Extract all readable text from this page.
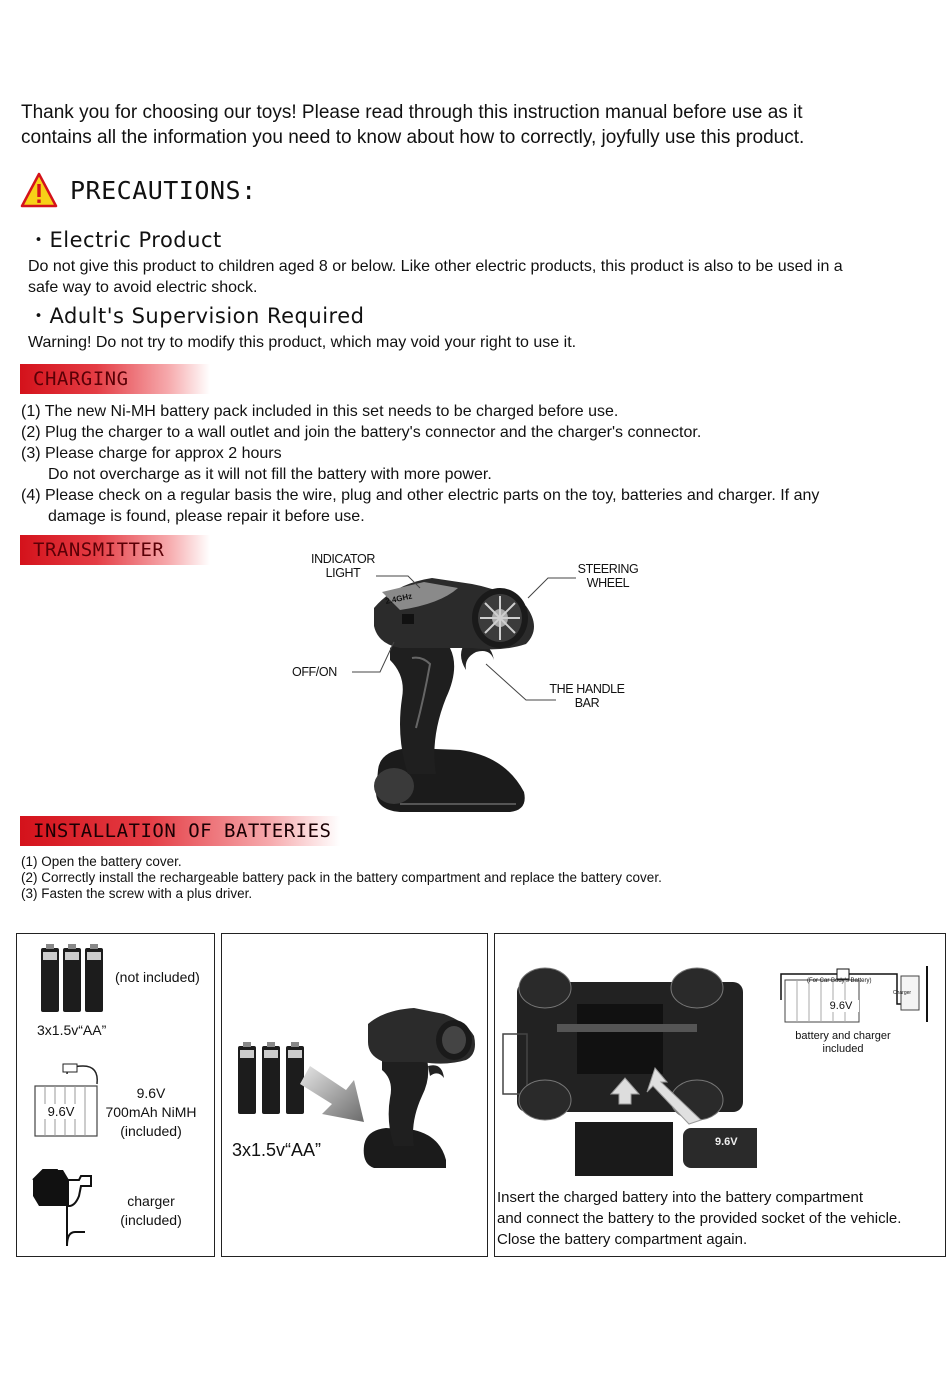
Thank you for choosing our toys! Please read through this instruction manual before use as it
contains all the information you need to know about how to correctly, joyfully use this product.
PRECAUTIONS:
・Electric Product
Do not give this product to children aged 8 or below. Like other electric products, this product is also to be used in a
safe way to avoid electric shock.
・Adult's Supervision Required
Warning! Do not try to modify this product, which may void your right to use it.
CHARGING
(1) The new Ni-MH battery pack included in this set needs to be charged before use.
(2) Plug the charger to a wall outlet and join the battery's connector and the charger's connector.
(3) Please charge for approx 2 hours
Do not overcharge as it will not fill the battery with more power.
(4) Please check on a regular basis the wire, plug and other electric parts on the toy, batteries and charger. If any
damage is found, please repair it before use.
TRANSMITTER
2.4GHz
INDICATOR
LIGHT	STEERING
WHEEL
OFF/ON
THE HANDLE
BAR
INSTALLATION OF BATTERIES
(1) Open the battery cover.
(2) Correctly install the rechargeable battery pack in the battery compartment and replace the battery cover.
(3) Fasten the screw with a plus driver.
(not included)
3x1.5v“AA”
9.6V
9.6V
700mAh NiMH
(included)
charger
(included)
3x1.5v“AA”	9.6V
(For Car Body's Battery)
Charger
9.6V
battery and charger
included
Insert the charged battery into the battery compartment
and connect the battery to the provided socket of the vehicle.
Close the battery compartment again.
